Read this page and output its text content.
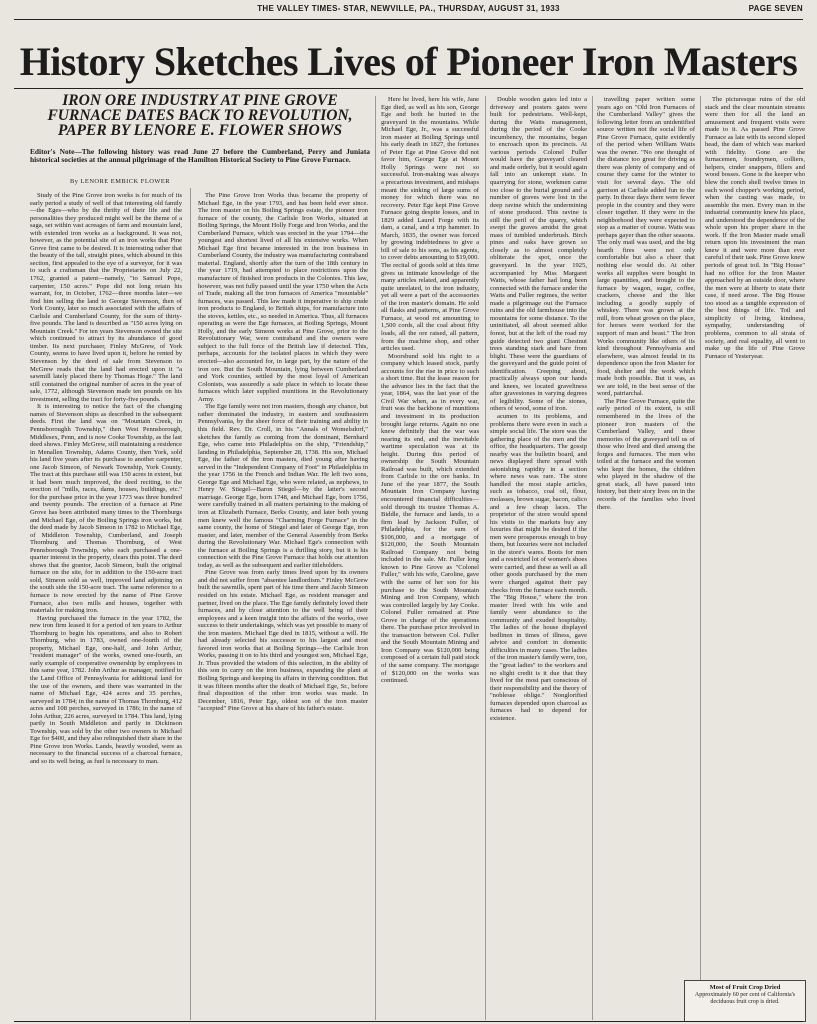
THE VALLEY TIMES- STAR, NEWVILLE, PA., THURSDAY, AUGUST 31, 1933	PAGE SEVEN
History Sketches Lives of Pioneer Iron Masters

IRON ORE INDUSTRY AT PINE GROVE FURNACE DATES BACK TO REVOLUTION, PAPER BY LENORE E. FLOWER SHOWS

Editor's Note—The following history was read June 27 before the Cumberland, Perry and Juniata historical societies at the annual pilgrimage of the Hamilton Historical Society to Pine Grove Furnace.

By LENORE EMBICK FLOWER

Study of the Pine Grove iron works is for much of its early period a study of well of that interesting old family—the Eges—who by the thrifty of their life and the personalities they produced might well be the theme of a saga, set within vast acreages of farm and mountain land, with extended iron works as a background. It was not, however, as the potential site of an iron works that Pine Grove first came to be desired. It is interesting rather that the beauty of the tall, straight pines, which abound in this section, first appealed to the eye of a surveyor, for it was to such a craftsman that the Proprietaries on July 22, 1762, granted a patent—namely, "to Samuel Pope, carpenter, 150 acres." Pope did not long retain his warrant, for, in October, 1762—three months later—we find him selling the land to George Stevenson, then of York County, later so much associated with the affairs of Carlisle and Cumberland County, for the sum of thirty-five pounds. The land is described as "150 acres lying on Mountain Creek." For ten years Stevenson owned the site which continued to attract by its abundance of good timber. Its next purchaser, Finley McGrew, of York County, seems to have lived upon it, before he rented by Stevenson by the deed of sale from Stevenson to McGrew reads that the land had erected upon it "a sawmill lately placed there by Thomas Hoge." The land still contained the original number of acres in the year of sale, 1772, although Stevenson made ten pounds on his investment, selling the tract for forty-five pounds.

It is interesting to notice the fact of the changing names of Stevenson ships as described in the subsequent deeds. First the land was on "Mountain Creek, in Pennsboroughh Township," then West Pennsborough, Middlesex, Penn, and is now Cooke Township, as the last deed shows. Finley McGrew, still maintaining a residence in Menallen Township, Adams County, then York, sold his land five years after its purchase to another carpenter, one Jacob Simeon, of Newark Township, York County. The tract at this purchase still was 150 acres in extent, but it had been much improved, the deed reciting, to the erection of "mills, races, dams, houses, buildings, etc." for the purchase price in the year 1773 was three hundred and twenty pounds. The erection of a furnace at Pine Grove has been attributed many times to the Thornburgs and Michael Ege, of the Boiling Springs iron works, but the deed made by Jacob Simeon in 1782 to Michael Ege, of Middleton Township, Cumberland, and Joseph Thornburg and Thomas Thornburg, of West Pennsborough Township, who each purchased a one-quarter interest in the property, clears this point. The deed shows that the grantor, Jacob Simeon, built the original furnace on the site, for in addition to the 150-acre tract sold, Simeon sold as well, improved land adjoining on the south side the 150-acre tract. The same reference to a furnace is now erected by the name of Pine Grove Furnace, also two mills and houses, together with materials for making iron.

Having purchased the furnace in the year 1782, the new iron firm leased it for a period of ten years to Arthur Thornburg to begin his operations, and also to Robert Thornburg, who in 1783, owned one-fourth of the property, Michael Ege, one-half, and John Arthur, "resident manager" of the works, owned one-fourth, an early example of cooperative ownership by employees in this same year, 1782. John Arthur as manager, notified to the Land Office of Pennsylvania for additional land for the use of the owners, and there was warranted in the name of Michael Ege, 424 acres and 35 perches, surveyed in 1784; in the name of Thomas Thornburg, 412 acres and 108 perches, surveyed in 1786; in the name of John Arthur, 226 acres, surveyed in 1784. This land, lying partly in South Middleton and partly in Dickinson Township, was sold by the other two owners to Michael Ege for $400, and they also relinquished their share in the Pine Grove iron Works. Lands, heavily wooded, were as necessary to the financial success of a charcoal furnace, and so its well being, as fuel is necessary to man.

The Pine Grove Iron Works thus became the property of Michael Ege, in the year 1793, and has been held ever since. The iron master on his Boiling Springs estate, the pioneer iron furnace of the county, the Carlisle Iron Works, situated at Boiling Springs, the Mount Holly Forge and Iron Works, and the Cumberland Furnace, which was erected in the year 1794—the youngest and shortest lived of all his extensive works. When Michael Ege first became interested in the iron business in Cumberland County, the industry was manufacturing contraband material. England, shortly after the turn of the 18th century in the year 1719, had attempted to place restrictions upon the manufacture of finished iron products in the Colonies. This law, however, was not fully passed until the year 1750 when the Acts of Trade, making all the iron furnaces of America "mountable" furnaces, was passed. This law made it imperative to ship crude iron products to England, to British ships, for manufacture into the stoves, kettles, etc., so needed in America. Thus, all furnaces operating as were the Ege furnaces, at Boiling Springs, Mount Holly, and the early Simeon works at Pine Grove, prior to the Revolutionary War, were contraband and the owners were subject to the full force of the British law if detected. This, perhaps, accounts for the isolated places in which they were erected—also accounted for, in large part, by the nature of the iron ore. But the South Mountain, lying between Cumberland and York counties, settled by the most loyal of American Colonists, was assuredly a safe place in which to locate these furnaces which later supplied munitions in the Revolutionary Army.

The Ege family were not iron masters, though any chance, but rather dominated the industry, in eastern and southeastern Pennsylvania, by the sheer force of their training and ability in this field. Rev. Dr. Croll, in his "Annals of Womelsdorf," sketches the family as coming from the dominant, Bernhard Ege, who came into Philadelphia on the ship, "Friendship," landing in Philadelphia, September 28, 1738. His son, Michael Ege, the father of the iron masters, died young after having served in the "Independent Company of Foot" in Philadelphia in the year 1756 in the French and Indian War. He left two sons, George Ege and Michael Ege, who were related, as nephews, to Henry W. Stiegel—Baron Stiegel—by the latter's second marriage. George Ege, born 1748, and Michael Ege, born 1756, were carefully trained in all matters pertaining to the making of iron at Elizabeth Furnace, Berks County, and later both young men knew well the famous "Charming Forge Furnace" in the same county, the home of Stiegel and later of George Ege, iron master, and later, member of the General Assembly from Berks during the Revolutionary War. Michael Ege's connection with the furnace at Boiling Springs is a thrilling story, but it is his connection with the Pine Grove Furnace that holds our attention today, as well as the subsequent and earlier titleholders.

Pine Grove was from early times lived upon by its owners and did not suffer from "absentee landlordism." Finley McGrew built the sawmills, spent part of his time there and Jacob Simeon resided on his estate. Michael Ege, as resident manager and partner, lived on the place. The Ege family definitely loved their furnaces, and by close attention to the well being of their employees and a keen insight into the affairs of the works, owe success to their undertakings, which was yet possible to many of the iron masters. Michael Ege died in 1815, without a will. He had already selected his successor to his largest and most favored iron works that at Boiling Springs—the Carlisle Iron Works, passing it on to his third and youngest son, Michael Ege, Jr. Thus provided the wisdom of this selection, in the ability of this son to carry on the iron business, expanding the plant at Boiling Springs and keeping its affairs in thriving condition. But it was fifteen months after the death of Michael Ege, Sr., before final disposition of the other iron works was made. In December, 1816, Peter Ege, oldest son of the iron master "accepted" Pine Grove at his share of his father's estate.

Here he lived, here his wife, Jane Ege died, as well as his son, George Ege and both he buried in the graveyard in the mountains. While Michael Ege, Jr., was a successful iron master at Boiling Springs until his early death in 1827, the fortunes of Peter Ege at Pine Grove did not favor him, George Ege at Mount Holly Springs were not so successful. Iron-making was always a precarious investment, and mishaps meant the sinking of large sums of money for which there was no recovery. Peter Ege kept Pine Grove Furnace going despite losses, and in 1829 added Laurel Forge with its dam, a canal, and a trip hammer. In March, 1835, the owner was forced by growing indebtedness to give a bill of sale to his sons, as his agents, to cover debts amounting to $19,000. The recital of goods sold at this time gives us intimate knowledge of the many articles related, and apparently quite unrelated, to the iron industry, yet all were a part of the accessories of the iron master's domain. He sold all flasks and patterns, at Pine Grove Furnace, at wood rot amounting to 1,500 cords, all the coal about fifty loads, all the ore raised, all pattern, from the machine shop, and other articles used.

Moorsbund sold his right to a company which leased stock, partly accounts for the rise in price to such a short time. But the lease reason for the advance lies in the fact that the year, 1864, was the last year of the Civil War when, as in every war, fruit was the backbone of munitions and investment in its production brought large returns. Again no one knew definitely that the war was nearing its end, and the inevitable wartime speculation was at its height. During this period of ownership the South Mountain Railroad was built, which extended from Carlisle to the ore banks. In June of the year 1877, the South Mountain Iron Company having encountered financial difficulties—sold through its trustee Thomas A. Biddle, the furnace and lands, to a firm lead by Jackson Fuller, of Philadelphia, for the sum of $106,000, and a mortgage of $120,000, the South Mountain Railroad Company not being included in the sale. Mr. Fuller long known to Pine Grove as "Colonel Fuller," with his wife, Caroline, gave with the same of her son for his purchase to the South Mountain Mining and Iron Company, which was controlled largely by Jay Cooke. Colonel Fuller remained at Pine Grove in charge of the operations there. The purchase price involved in the transaction between Col. Fuller and the South Mountain Mining and Iron Company was $120,000 being composed of a certain full paid stock of the same company. The mortgage of $120,000 on the works was continued.

Double wooden gates led into a driveway and posters gates were built for pedestrians. Well-kept, during the Watts management, during the period of the Cooke incumbency, the mountains, began to encroach upon its precincts. At various periods Colonel Fuller would have the graveyard cleared and made orderly, but it would again fall into an unkempt state. In quarrying for stone, workmen came too close to the burial ground and a number of graves were lost in the deep ravine which the undermining of stone produced. This ravine is still the peril of the quarry, which swept the graves amidst the great mass of tumbled underbrush. Birch pines and oaks have grown so closely as to almost completely obliterate the spot, once the graveyard. In the year 1925, accompanied by Miss Margaret Watts, whose father had long been connected with the furnace under the Watts and Fuller regimes, the writer made a pilgrimage out the Furnace ruins and the old farmhouse into the mountains for some distance. To the uninitiated, all about seemed alike forest, but at the left of the road my guide detected two giant Chestnut trees standing stark and bare from blight. These were the guardians of the graveyard and the guide point of identification. Creeping about, practically always upon our hands and knees, we located graveliness after gravestones in varying degrees of legibility. Some of the stones, others of wood, some of iron.

acumen to its problems, and problems there were even in such a simple social life. The store was the gathering place of the men and the office, the headquarters. The gossip nearby was the bulletin board, and news displayed there spread with astonishing rapidity in a section where news was rare. The store handled the most staple articles, such as tobacco, coal oil, flour, molasses, brown sugar, bacon, calico and a few cheap laces. The proprietor of the store would spend his visits to the markets buy any luxuries that might be desired if the men were prosperous enough to buy them, but luxuries were not included in the store's wares. Boots for men and a restricted lot of women's shoes were carried, and these as well as all other goods purchased by the men were charged against their pay checks from the furnace each month. The "Big House," where the iron master lived with his wife and family were abundance to the community and exuded hospitality. The ladies of the house displayed bedlinen in times of illness, gave advice and comfort in domestic difficulties in many cases. The ladies of the iron master's family were, too, the "great ladies" to the workers and no slight credit is it due that they lived for the most part conscious of their responsibility and the theory of "noblesse oblige." Nonglorified furnaces depended upon charcoal as furnaces had to depend for existence.

travelling paper written some years ago on "Old Iron Furnaces of the Cumberland Valley" gives the following letter from an unidentified source written not the social life of Pine Grove Furnace, quite evidently of the period when William Watts was the owner. "No one thought of the distance too great for driving as there was plenty of company and of course they came for the winter to visit for several days. The old garrison at Carlisle added fun to the party. In those days there were fewer people in the country and they were closer together. If they were in the neighborhood they were expected to stop as a matter of course. Watts was perhaps gayer than the other seasons. The only mail was used, and the big hearth fires were not only comfortable but also a cheer that nothing else would do. At other works all supplies were bought in large quantities, and brought to the furnace by wagon, sugar, coffee, crackers, cheese and the like including a goodly supply of whiskey. There was grown at the mill, from wheat grown on the place, for horses were worked for the support of man and beast." The Iron Works community like others of its kind throughout Pennsylvania and elsewhere, was almost feudal in its dependence upon the Iron Master for food, shelter and the work which made both possible. But it was, as we are told, in the best sense of the word, patriarchal.

The Pine Grove Furnace, quite the early period of its extent, is still remembered in the lives of the pioneer iron masters of the Cumberland Valley, and these memories of the graveyard tell us of those who lived and died among the forges and furnaces. The men who toiled at the furnace and the women who kept the homes, the children who played in the shadow of the great stack, all have passed into history, but their story lives on in the records of the families who lived there.

The picturesque ruins of the old stack and the clear mountain streams were then for all the land an amusement and frequent visits were made to it. As passed Pine Grove Furnace as late with its second sloped head, the dam of which was marked with fidelity. Gone are the furnacemen, foundrymen, colliers, helpers, cinder snappers, fillers and wood bosses. Gone is the keeper who blew the conch shell twelve times in each wood chopper's working period, when the casting was made, to assemble the men. Every man in the industrial community knew his place, and understood the dependence of the whole upon his proper share in the work. If the Iron Master made small return upon his investment the man knew it and were more than ever careful of their task. Pine Grove knew periods of great toil. In "Big House" had no office for the Iron Master approached by an outside door, where the men were at liberty to state their case, if need arose. The Big House too stood as a tangible expression of the best things of life. Toil and simplicity of living, kindness, sympathy, understanding of problems, common to all strata of society, and real equality, all went to make up the life of Pine Grove Furnace of Yesteryear.

Most of Fruit Crop Dried
Approximately 60 per cent of California's deciduous fruit crop is dried.
